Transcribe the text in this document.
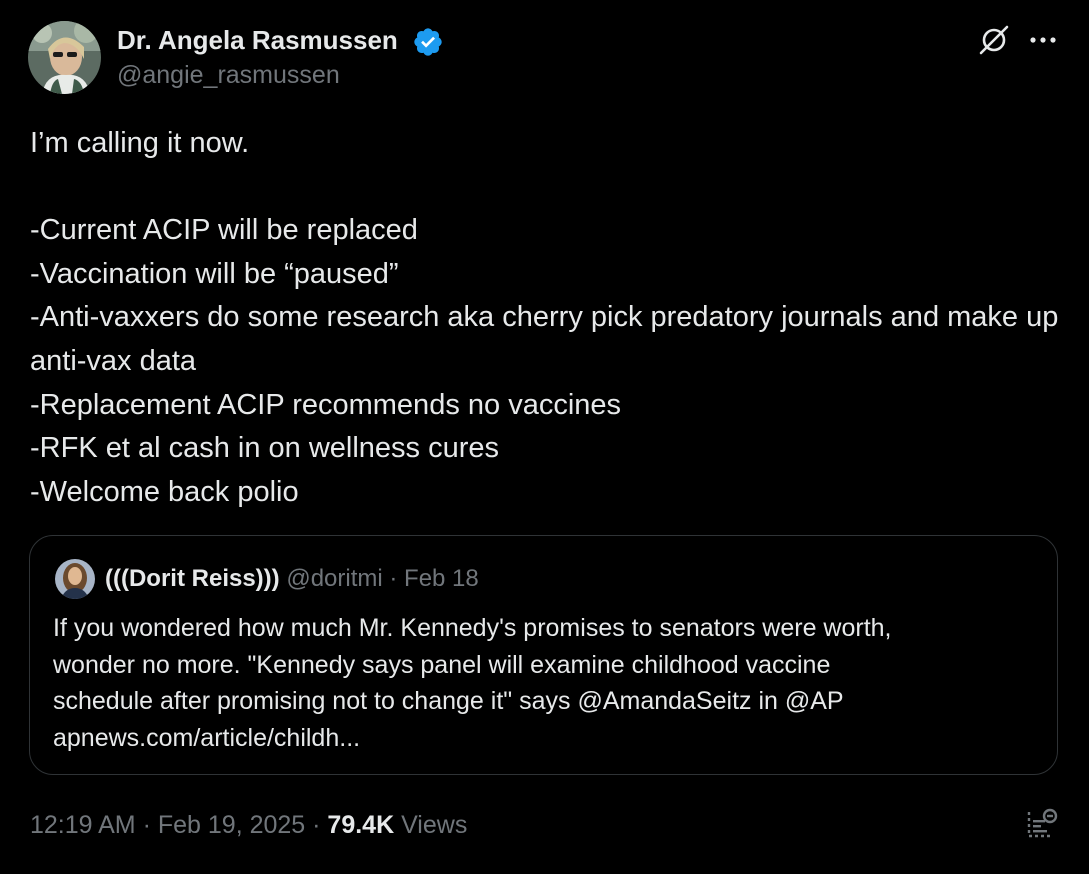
Dr. Angela Rasmussen
@angie_rasmussen

I’m calling it now.

-Current ACIP will be replaced
-Vaccination will be “paused”
-Anti-vaxxers do some research aka cherry pick predatory journals and make up anti-vax data
-Replacement ACIP recommends no vaccines
-RFK et al cash in on wellness cures
-Welcome back polio

(((Dorit Reiss))) @doritmi · Feb 18

If you wondered how much Mr. Kennedy's promises to senators were worth,
wonder no more. "Kennedy says panel will examine childhood vaccine
schedule after promising not to change it" says @AmandaSeitz in @AP
apnews.com/article/childh...

12:19 AM · Feb 19, 2025 · 79.4K Views
